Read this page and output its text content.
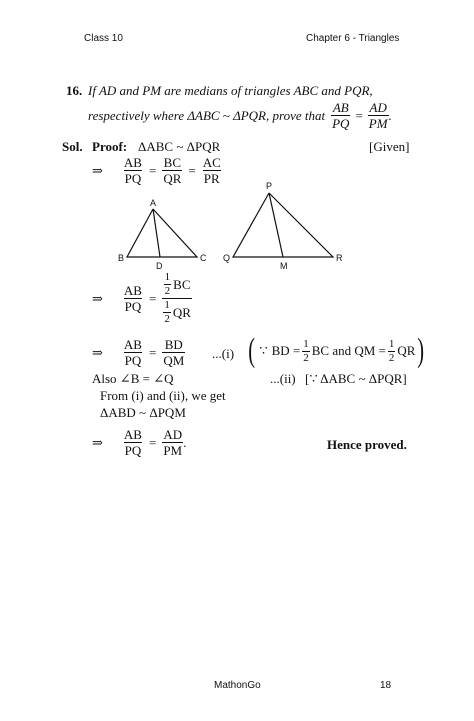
Class 10	Chapter 6 - Triangles
16. If AD and PM are medians of triangles ABC and PQR,
respectively where ΔABC ~ ΔPQR, prove that $\frac{AB}{PQ} = \frac{AD}{PM}$ .
Sol. Proof: ΔABC ~ ΔPQR	[Given]
⇒ $\frac{AB}{PQ} = \frac{BC}{QR} = \frac{AC}{PR}$
A
B	C
D
P
Q	R
M
⇒ $\frac{AB}{PQ} = \frac{\frac{1}{2} BC}{\frac{1}{2} QR}$
⇒ $\frac{AB}{PQ} = \frac{BD}{QM} ...(i)$ ( ∵ BD = $\frac{1}{2}$ BC and QM = $\frac{1}{2}$ QR )
Also ∠B = ∠Q	...(ii) [∵ ΔABC ~ ΔPQR]
From (i) and (ii), we get
ΔABD ~ ΔPQM
⇒ $\frac{AB}{PQ} = \frac{AD}{PM}$ .	Hence proved.
MathonGo	18
